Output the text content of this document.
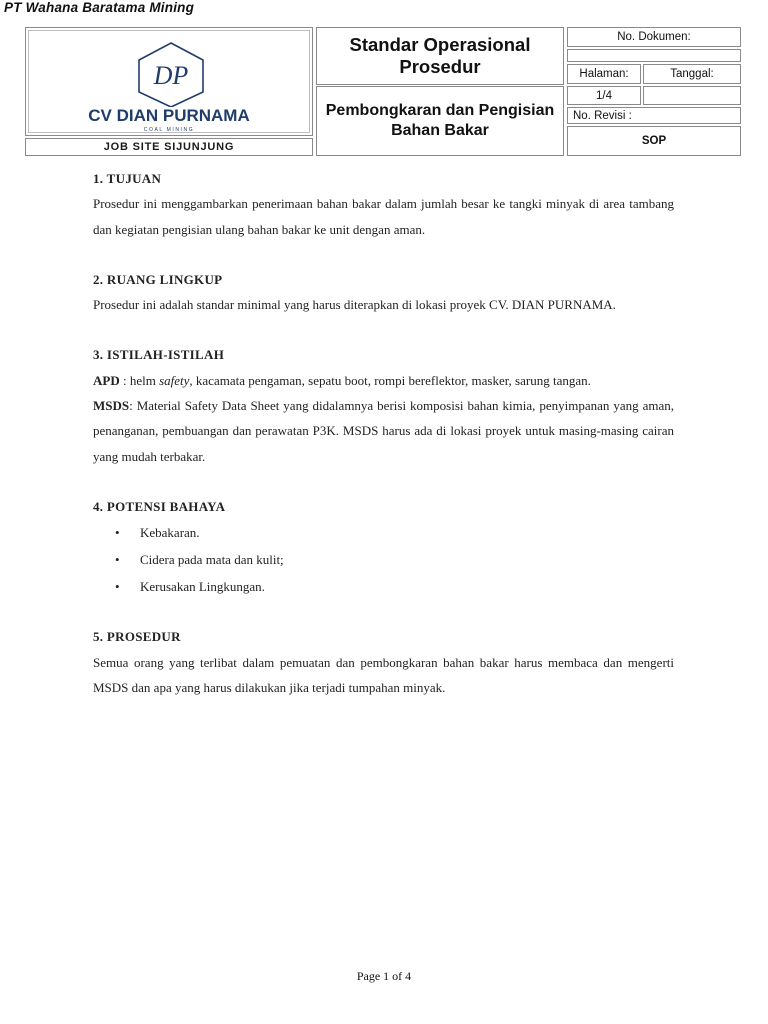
PT Wahana Baratama Mining
DP
CV DIAN PURNAMA
COAL MINING
JOB SITE SIJUNJUNG
Standar Operasional Prosedur
Pembongkaran dan Pengisian Bahan Bakar
No. Dokumen:
Halaman:	Tanggal:
1/4
No. Revisi :
SOP
1. TUJUAN

Prosedur ini menggambarkan penerimaan bahan bakar dalam jumlah besar ke tangki minyak di area tambang dan kegiatan pengisian ulang bahan bakar ke unit dengan aman.

2. RUANG LINGKUP

Prosedur ini adalah standar minimal yang harus diterapkan di lokasi proyek CV. DIAN PURNAMA.

3. ISTILAH-ISTILAH

APD : helm safety, kacamata pengaman, sepatu boot, rompi bereflektor, masker, sarung tangan.

MSDS: Material Safety Data Sheet yang didalamnya berisi komposisi bahan kimia, penyimpanan yang aman, penanganan, pembuangan dan perawatan P3K. MSDS harus ada di lokasi proyek untuk masing-masing cairan yang mudah terbakar.

4. POTENSI BAHAYA
• Kebakaran.
• Cidera pada mata dan kulit;
• Kerusakan Lingkungan.
5. PROSEDUR

Semua orang yang terlibat dalam pemuatan dan pembongkaran bahan bakar harus membaca dan mengerti MSDS dan apa yang harus dilakukan jika terjadi tumpahan minyak.

Page 1 of 4
